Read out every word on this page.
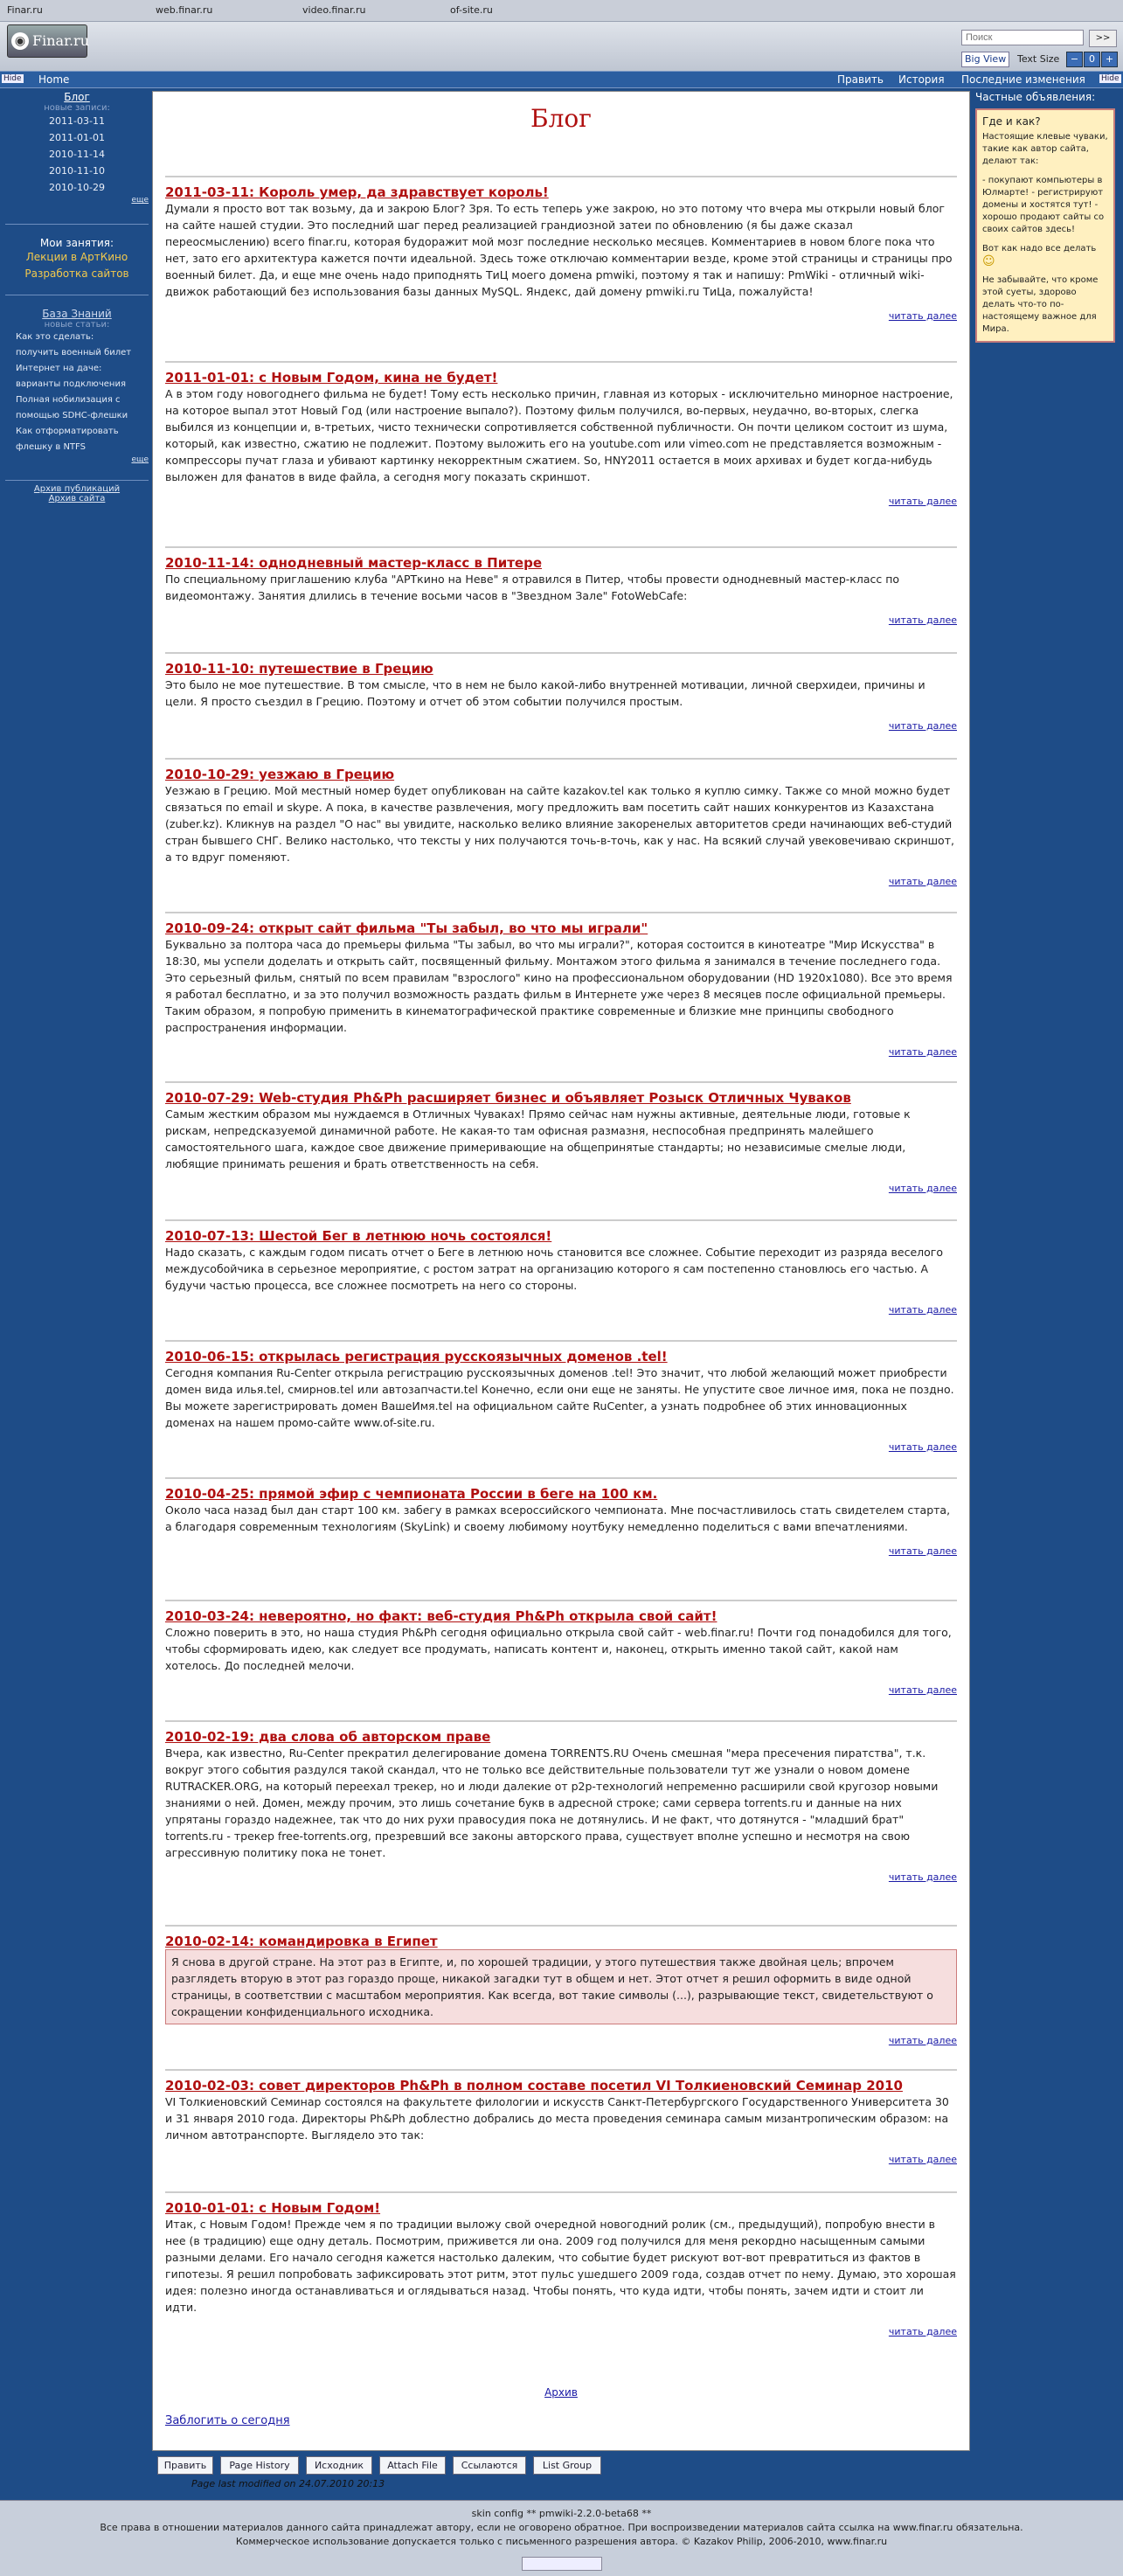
Finar.ru	web.finar.ru	video.finar.ru	of-site.ru
◉ Finar.ru
Поиск	>>
Big View	Text Size	−	0	+
Hide Home	Править История Последние изменения Hide
Блог
новые записи:
2011-03-11
2011-01-01
2010-11-14
2010-11-10
2010-10-29
еще
Мои занятия:
Лекции в АртКино
Разработка сайтов
База Знаний
новые статьи:
Как это сделать:
получить военный билет
Интернет на даче:
варианты подключения
Полная нобилизация с
помощью SDHC-флешки
Как отформатировать
флешку в NTFS
еще
Архив публикаций
Архив сайта
Блог
2011-03-11: Король умер, да здравствует король!
Думали я просто вот так возьму, да и закрою Блог? Зря. То есть теперь уже закрою, но это потому что вчера мы открыли новый блог на сайте нашей студии. Это последний шаг перед реализацией грандиозной затеи по обновлению (я бы даже сказал переосмыслению) всего finar.ru, которая будоражит мой мозг последние несколько месяцев. Комментариев в новом блоге пока что нет, зато его архитектура кажется почти идеальной. Здесь тоже отключаю комментарии везде, кроме этой страницы и страницы про военный билет. Да, и еще мне очень надо приподнять ТиЦ моего домена pmwiki, поэтому я так и напишу: PmWiki - отличный wiki-движок работающий без использования базы данных MySQL. Яндекс, дай домену pmwiki.ru ТиЦа, пожалуйста!
читать далее
2011-01-01: с Новым Годом, кина не будет!
А в этом году новогоднего фильма не будет! Тому есть несколько причин, главная из которых - исключительно минорное настроение, на которое выпал этот Новый Год (или настроение выпало?). Поэтому фильм получился, во-первых, неудачно, во-вторых, слегка выбился из концепции и, в-третьих, чисто технически сопротивляется собственной публичности. Он почти целиком состоит из шума, который, как известно, сжатию не подлежит. Поэтому выложить его на youtube.com или vimeo.com не представляется возможным - компрессоры пучат глаза и убивают картинку некорректным сжатием. So, HNY2011 остается в моих архивах и будет когда-нибудь выложен для фанатов в виде файла, а сегодня могу показать скриншот.
читать далее
2010-11-14: однодневный мастер-класс в Питере
По специальному приглашению клуба "АРТкино на Неве" я отравился в Питер, чтобы провести однодневный мастер-класс по видеомонтажу. Занятия длились в течение восьми часов в "Звездном Зале" FotoWebCafe:
читать далее
2010-11-10: путешествие в Грецию
Это было не мое путешествие. В том смысле, что в нем не было какой-либо внутренней мотивации, личной сверхидеи, причины и цели. Я просто съездил в Грецию. Поэтому и отчет об этом событии получился простым.
читать далее
2010-10-29: уезжаю в Грецию
Уезжаю в Грецию. Мой местный номер будет опубликован на сайте kazakov.tel как только я куплю симку. Также со мной можно будет связаться по email и skype. А пока, в качестве развлечения, могу предложить вам посетить сайт наших конкурентов из Казахстана (zuber.kz). Кликнув на раздел "О нас" вы увидите, насколько велико влияние закоренелых авторитетов среди начинающих веб-студий стран бывшего СНГ. Велико настолько, что тексты у них получаются точь-в-точь, как у нас. На всякий случай увековечиваю скриншот, а то вдруг поменяют.
читать далее
2010-09-24: открыт сайт фильма "Ты забыл, во что мы играли"
Буквально за полтора часа до премьеры фильма "Ты забыл, во что мы играли?", которая состоится в кинотеатре "Мир Искусства" в 18:30, мы успели доделать и открыть сайт, посвященный фильму. Монтажом этого фильма я занимался в течение последнего года. Это серьезный фильм, снятый по всем правилам "взрослого" кино на профессиональном оборудовании (HD 1920x1080). Все это время я работал бесплатно, и за это получил возможность раздать фильм в Интернете уже через 8 месяцев после официальной премьеры. Таким образом, я попробую применить в кинематографической практике современные и близкие мне принципы свободного распространения информации.
читать далее
2010-07-29: Web-студия Ph&Ph расширяет бизнес и объявляет Розыск Отличных Чуваков
Самым жестким образом мы нуждаемся в Отличных Чуваках! Прямо сейчас нам нужны активные, деятельные люди, готовые к рискам, непредсказуемой динамичной работе. Не какая-то там офисная размазня, неспособная предпринять малейшего самостоятельного шага, каждое свое движение примеривающие на общепринятые стандарты; но независимые смелые люди, любящие принимать решения и брать ответственность на себя.
читать далее
2010-07-13: Шестой Бег в летнюю ночь состоялся!
Надо сказать, с каждым годом писать отчет о Беге в летнюю ночь становится все сложнее. Событие переходит из разряда веселого междусобойчика в серьезное мероприятие, с ростом затрат на организацию которого я сам постепенно становлюсь его частью. А будучи частью процесса, все сложнее посмотреть на него со стороны.
читать далее
2010-06-15: открылась регистрация русскоязычных доменов .tel!
Сегодня компания Ru-Center открыла регистрацию русскоязычных доменов .tel! Это значит, что любой желающий может приобрести домен вида илья.tel, смирнов.tel или автозапчасти.tel Конечно, если они еще не заняты. Не упустите свое личное имя, пока не поздно. Вы можете зарегистрировать домен ВашеИмя.tel на официальном сайте RuCenter, а узнать подробнее об этих инновационных доменах на нашем промо-сайте www.of-site.ru.
читать далее
2010-04-25: прямой эфир с чемпионата России в беге на 100 км.
Около часа назад был дан старт 100 км. забегу в рамках всероссийского чемпионата. Мне посчастливилось стать свидетелем старта, а благодаря современным технологиям (SkyLink) и своему любимому ноутбуку немедленно поделиться с вами впечатлениями.
читать далее
2010-03-24: невероятно, но факт: веб-студия Ph&Ph открыла свой сайт!
Сложно поверить в это, но наша студия Ph&Ph сегодня официально открыла свой сайт - web.finar.ru! Почти год понадобился для того, чтобы сформировать идею, как следует все продумать, написать контент и, наконец, открыть именно такой сайт, какой нам хотелось. До последней мелочи.
читать далее
2010-02-19: два слова об авторском праве
Вчера, как известно, Ru-Center прекратил делегирование домена TORRENTS.RU Очень смешная "мера пресечения пиратства", т.к. вокруг этого события раздулся такой скандал, что не только все действительные пользователи тут же узнали о новом домене RUTRACKER.ORG, на который переехал трекер, но и люди далекие от p2p-технологий непременно расширили свой кругозор новыми знаниями о ней. Домен, между прочим, это лишь сочетание букв в адресной строке; сами сервера torrents.ru и данные на них упрятаны гораздо надежнее, так что до них рухи правосудия пока не дотянулись. И не факт, что дотянутся - "младший брат" torrents.ru - трекер free-torrents.org, презревший все законы авторского права, существует вполне успешно и несмотря на свою агрессивную политику пока не тонет.
читать далее
2010-02-14: командировка в Египет
Я снова в другой стране. На этот раз в Египте, и, по хорошей традиции, у этого путешествия также двойная цель; впрочем разглядеть вторую в этот раз гораздо проще, никакой загадки тут в общем и нет. Этот отчет я решил оформить в виде одной страницы, в соответствии с масштабом мероприятия. Как всегда, вот такие символы (...), разрывающие текст, свидетельствуют о сокращении конфиденциального исходника.
читать далее
2010-02-03: совет директоров Ph&Ph в полном составе посетил VI Толкиеновский Семинар 2010
VI Толкиеновский Семинар состоялся на факультете филологии и искусств Санкт-Петербургского Государственного Университета 30 и 31 января 2010 года. Директоры Ph&Ph доблестно добрались до места проведения семинара самым мизантропическим образом: на личном автотранспорте. Выглядело это так:
читать далее
2010-01-01: с Новым Годом!
Итак, с Новым Годом! Прежде чем я по традиции выложу свой очередной новогодний ролик (см., предыдущий), попробую внести в нее (в традицию) еще одну деталь. Посмотрим, приживется ли она. 2009 год получился для меня рекордно насыщенным самыми разными делами. Его начало сегодня кажется настолько далеким, что событие будет рискуют вот-вот превратиться из фактов в гипотезы. Я решил попробовать зафиксировать этот ритм, этот пульс ушедшего 2009 года, создав отчет по нему. Думаю, это хорошая идея: полезно иногда останавливаться и оглядываться назад. Чтобы понять, что куда идти, чтобы понять, зачем идти и стоит ли идти.
читать далее
Архив
Заблогить о сегодня
Частные объявления:
Где и как?
Настоящие клевые чуваки, такие как автор сайта, делают так:
- покупают компьютеры в Юлмарте! - регистрируют домены и хостятся тут! - хорошо продают сайты со своих сайтов здесь!
Вот как надо все делать
☺
Не забывайте, что кроме этой суеты, здорово делать что-то по-настоящему важное для Мира.
Править	Page History	Исходник	Attach File	Ссылаются	List Group
Page last modified on 24.07.2010 20:13
skin config ** pmwiki-2.2.0-beta68 **
Все права в отношении материалов данного сайта принадлежат автору, если не оговорено обратное. При воспроизведении материалов сайта ссылка на www.finar.ru обязательна.
Коммерческое использование допускается только с письменного разрешения автора. © Kazakov Philip, 2006-2010, www.finar.ru
